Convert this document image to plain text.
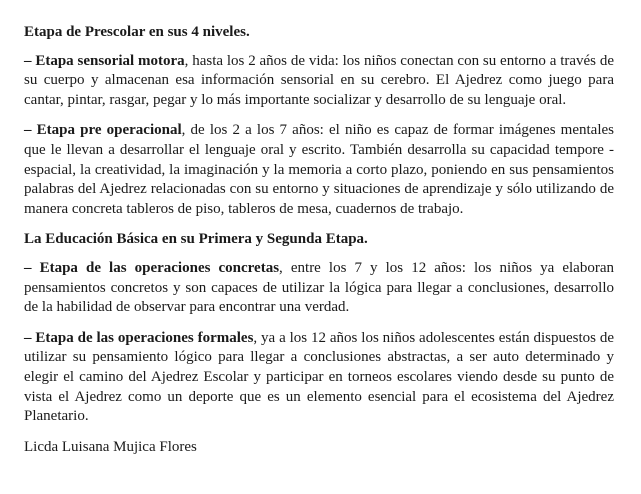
Etapa de Prescolar en sus 4 niveles.

– Etapa sensorial motora, hasta los 2 años de vida: los niños conectan con su entorno a través de su cuerpo y almacenan esa información sensorial en su cerebro. El Ajedrez como juego para cantar, pintar, rasgar, pegar y lo más importante socializar y desarrollo de su lenguaje oral.

– Etapa pre operacional, de los 2 a los 7 años: el niño es capaz de formar imágenes mentales que le llevan a desarrollar el lenguaje oral y escrito. También desarrolla su capacidad tempore - espacial, la creatividad, la imaginación y la memoria a corto plazo, poniendo en sus pensamientos palabras del Ajedrez relacionadas con su entorno y situaciones de aprendizaje y sólo utilizando de manera concreta tableros de piso, tableros de mesa, cuadernos de trabajo.

La Educación Básica en su Primera y Segunda Etapa.

– Etapa de las operaciones concretas, entre los 7 y los 12 años: los niños ya elaboran pensamientos concretos y son capaces de utilizar la lógica para llegar a conclusiones, desarrollo de la habilidad de observar para encontrar una verdad.

– Etapa de las operaciones formales, ya a los 12 años los niños adolescentes están dispuestos de utilizar su pensamiento lógico para llegar a conclusiones abstractas, a ser auto determinado y elegir el camino del Ajedrez Escolar y participar en torneos escolares viendo desde su punto de vista el Ajedrez como un deporte que es un elemento esencial para el ecosistema del Ajedrez Planetario.

Licda Luisana Mujica Flores
